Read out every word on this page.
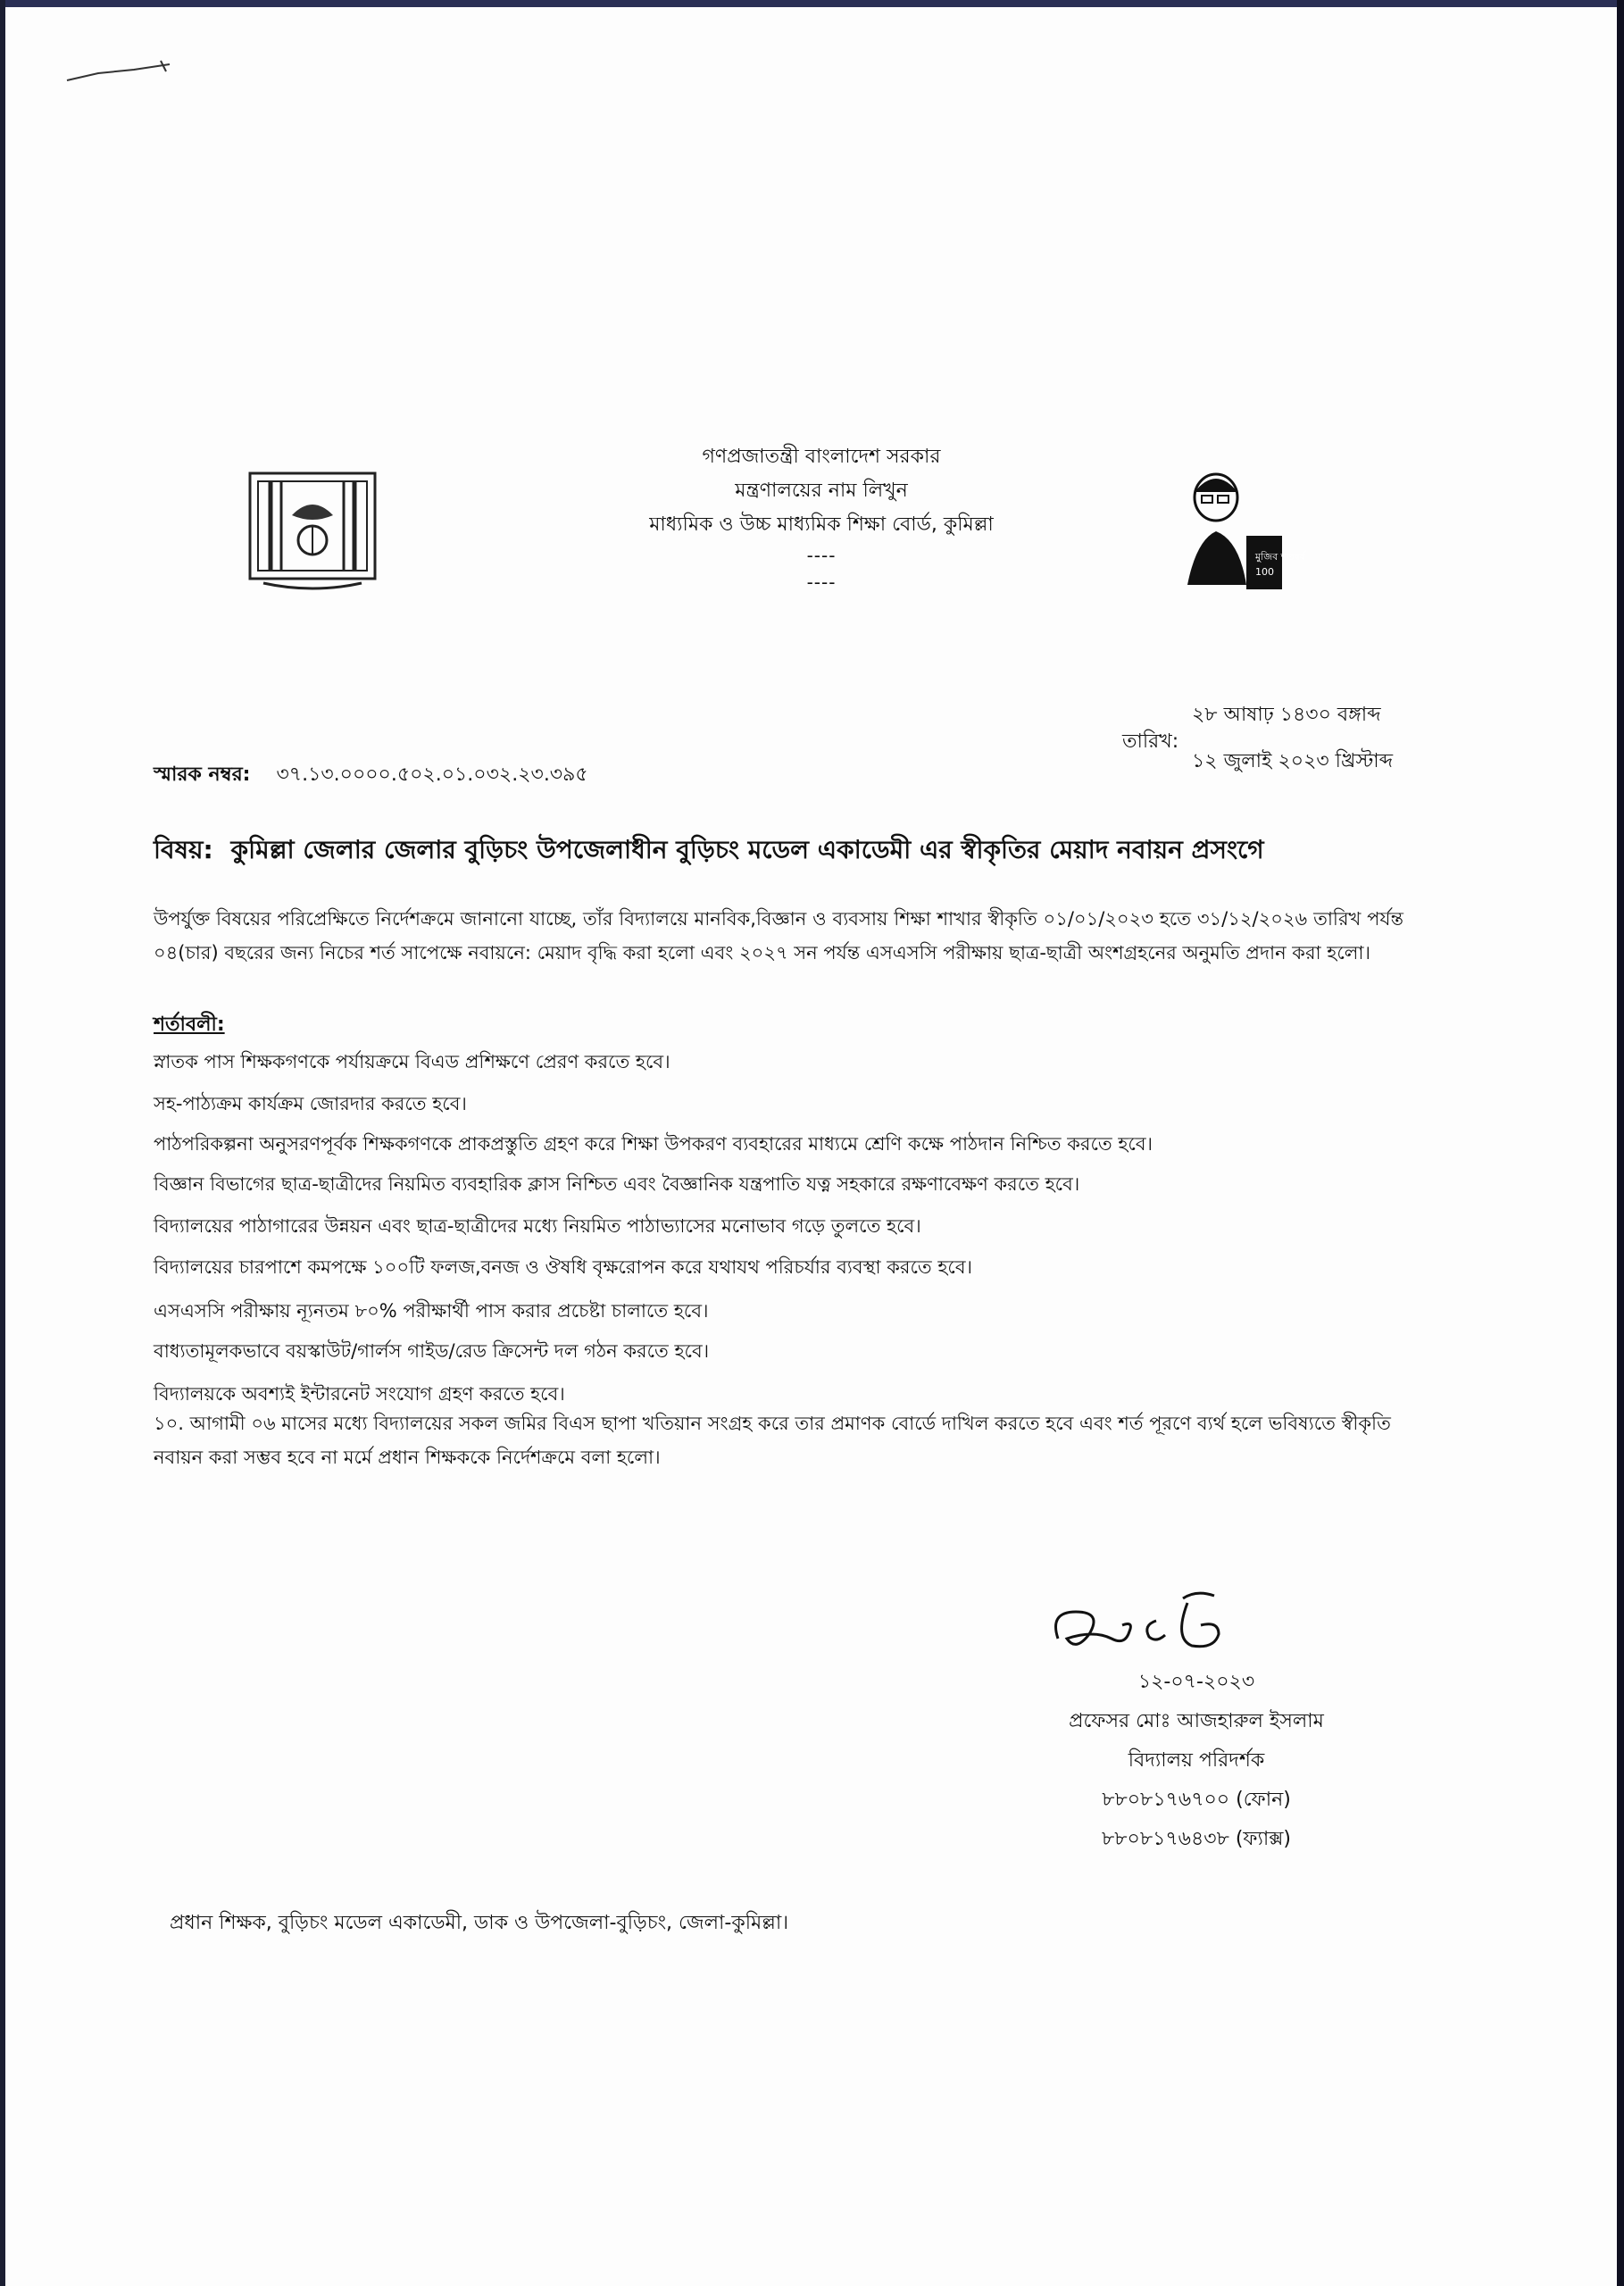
গণপ্রজাতন্ত্রী বাংলাদেশ সরকার
মন্ত্রণালয়ের নাম লিখুন
মাধ্যমিক ও উচ্চ মাধ্যমিক শিক্ষা বোর্ড, কুমিল্লা
----
----
মুজিব শতবর্ষ 100
২৮ আষাঢ় ১৪৩০ বঙ্গাব্দ
তারিখ:
১২ জুলাই ২০২৩ খ্রিস্টাব্দ
স্মারক নম্বর: ৩৭.১৩.০০০০.৫০২.০১.০৩২.২৩.৩৯৫
বিষয়: কুমিল্লা জেলার জেলার বুড়িচং উপজেলাধীন বুড়িচং মডেল একাডেমী এর স্বীকৃতির মেয়াদ নবায়ন প্রসংগে
উপর্যুক্ত বিষয়ের পরিপ্রেক্ষিতে নির্দেশক্রমে জানানো যাচ্ছে, তাঁর বিদ্যালয়ে মানবিক,বিজ্ঞান ও ব্যবসায় শিক্ষা শাখার স্বীকৃতি ০১/০১/২০২৩ হতে ৩১/১২/২০২৬ তারিখ পর্যন্ত ০৪(চার) বছরের জন্য নিচের শর্ত সাপেক্ষে নবায়নে: মেয়াদ বৃদ্ধি করা হলো এবং ২০২৭ সন পর্যন্ত এসএসসি পরীক্ষায় ছাত্র-ছাত্রী অংশগ্রহনের অনুমতি প্রদান করা হলো।
শর্তাবলী:
স্নাতক পাস শিক্ষকগণকে পর্যায়ক্রমে বিএড প্রশিক্ষণে প্রেরণ করতে হবে।
সহ-পাঠ্যক্রম কার্যক্রম জোরদার করতে হবে।
পাঠপরিকল্পনা অনুসরণপূর্বক শিক্ষকগণকে প্রাকপ্রস্তুতি গ্রহণ করে শিক্ষা উপকরণ ব্যবহারের মাধ্যমে শ্রেণি কক্ষে পাঠদান নিশ্চিত করতে হবে।
বিজ্ঞান বিভাগের ছাত্র-ছাত্রীদের নিয়মিত ব্যবহারিক ক্লাস নিশ্চিত এবং বৈজ্ঞানিক যন্ত্রপাতি যত্ন সহকারে রক্ষণাবেক্ষণ করতে হবে।
বিদ্যালয়ের পাঠাগারের উন্নয়ন এবং ছাত্র-ছাত্রীদের মধ্যে নিয়মিত পাঠাভ্যাসের মনোভাব গড়ে তুলতে হবে।
বিদ্যালয়ের চারপাশে কমপক্ষে ১০০টি ফলজ,বনজ ও ঔষধি বৃক্ষরোপন করে যথাযথ পরিচর্যার ব্যবস্থা করতে হবে।
এসএসসি পরীক্ষায় ন্যূনতম ৮০% পরীক্ষার্থী পাস করার প্রচেষ্টা চালাতে হবে।
বাধ্যতামূলকভাবে বয়স্কাউট/গার্লস গাইড/রেড ক্রিসেন্ট দল গঠন করতে হবে।
বিদ্যালয়কে অবশ্যই ইন্টারনেট সংযোগ গ্রহণ করতে হবে।
১০. আগামী ০৬ মাসের মধ্যে বিদ্যালয়ের সকল জমির বিএস ছাপা খতিয়ান সংগ্রহ করে তার প্রমাণক বোর্ডে দাখিল করতে হবে এবং শর্ত পূরণে ব্যর্থ হলে ভবিষ্যতে স্বীকৃতি নবায়ন করা সম্ভব হবে না মর্মে প্রধান শিক্ষককে নির্দেশক্রমে বলা হলো।
১২-০৭-২০২৩
প্রফেসর মোঃ আজহারুল ইসলাম
বিদ্যালয় পরিদর্শক
৮৮০৮১৭৬৭০০ (ফোন)
৮৮০৮১৭৬৪৩৮ (ফ্যাক্স)
প্রধান শিক্ষক, বুড়িচং মডেল একাডেমী, ডাক ও উপজেলা-বুড়িচং, জেলা-কুমিল্লা।
